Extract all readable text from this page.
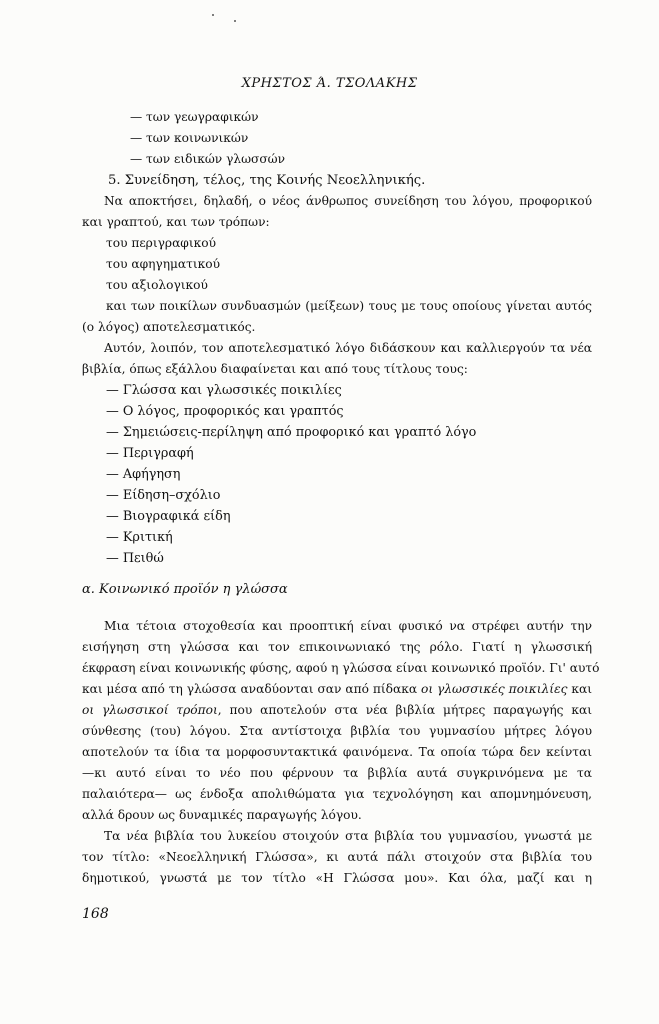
ΧΡΗΣΤΟΣ Ά. ΤΣΟΛΑΚΗΣ
— των γεωγραφικών
— των κοινωνικών
— των ειδικών γλωσσών
5. Συνείδηση, τέλος, της Κοινής Νεοελληνικής.
Να αποκτήσει, δηλαδή, ο νέος άνθρωπος συνείδηση του λόγου, προφορικού
και γραπτού, και των τρόπων:
του περιγραφικού
του αφηγηματικού
του αξιολογικού
και των ποικίλων συνδυασμών (μείξεων) τους με τους οποίους γίνεται αυτός
(ο λόγος) αποτελεσματικός.
Αυτόν, λοιπόν, τον αποτελεσματικό λόγο διδάσκουν και καλλιεργούν τα νέα
βιβλία, όπως εξάλλου διαφαίνεται και από τους τίτλους τους:
— Γλώσσα και γλωσσικές ποικιλίες
— Ο λόγος, προφορικός και γραπτός
— Σημειώσεις-περίληψη από προφορικό και γραπτό λόγο
— Περιγραφή
— Αφήγηση
— Είδηση–σχόλιο
— Βιογραφικά είδη
— Κριτική
— Πειθώ
α. Κοινωνικό προϊόν η γλώσσα
Μια τέτοια στοχοθεσία και προοπτική είναι φυσικό να στρέφει αυτήν την
εισήγηση στη γλώσσα και τον επικοινωνιακό της ρόλο. Γιατί η γλωσσική
έκφραση είναι κοινωνικής φύσης, αφού η γλώσσα είναι κοινωνικό προϊόν. Γι' αυτό
και μέσα από τη γλώσσα αναδύονται σαν από πίδακα οι γλωσσικές ποικιλίες και
οι γλωσσικοί τρόποι, που αποτελούν στα νέα βιβλία μήτρες παραγωγής και
σύνθεσης (του) λόγου. Στα αντίστοιχα βιβλία του γυμνασίου μήτρες λόγου
αποτελούν τα ίδια τα μορφοσυντακτικά φαινόμενα. Τα οποία τώρα δεν κείνται
—κι αυτό είναι το νέο που φέρνουν τα βιβλία αυτά συγκρινόμενα με τα
παλαιότερα— ως ένδοξα απολιθώματα για τεχνολόγηση και απομνημόνευση,
αλλά δρουν ως δυναμικές παραγωγής λόγου.
Τα νέα βιβλία του λυκείου στοιχούν στα βιβλία του γυμνασίου, γνωστά με
τον τίτλο: «Νεοελληνική Γλώσσα», κι αυτά πάλι στοιχούν στα βιβλία του
δημοτικού, γνωστά με τον τίτλο «Η Γλώσσα μου». Και όλα, μαζί και η
168
